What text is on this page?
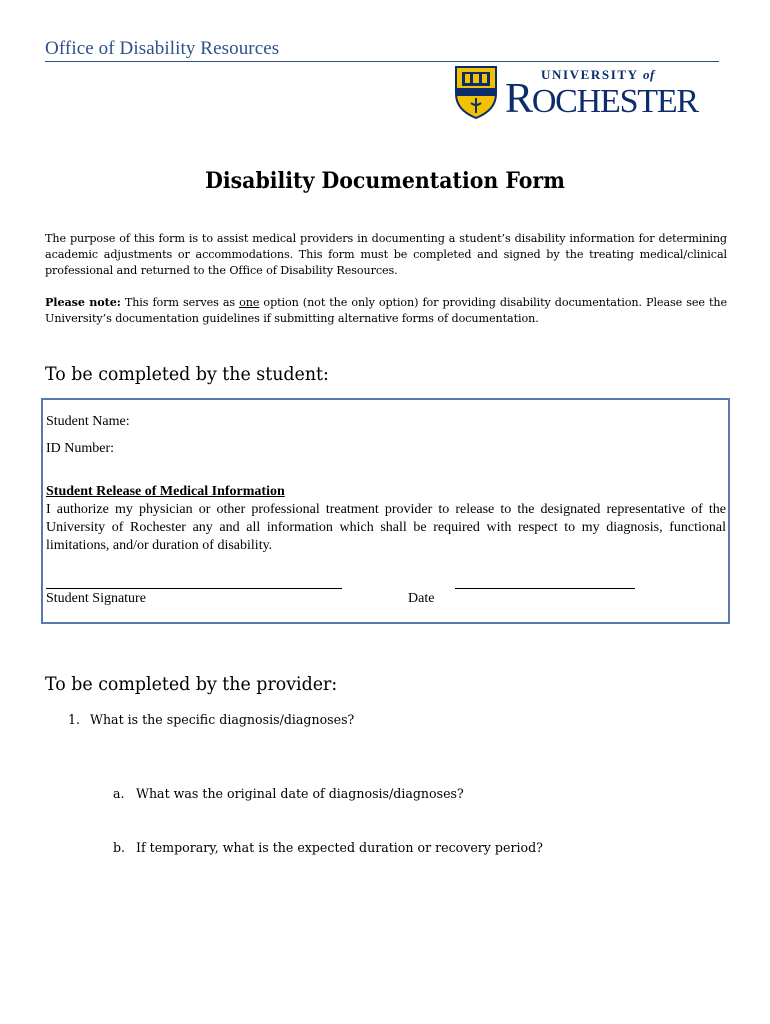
Office of Disability Resources
UNIVERSITY of
ROCHESTER
Disability Documentation Form

The purpose of this form is to assist medical providers in documenting a student’s disability information for determining academic adjustments or accommodations. This form must be completed and signed by the treating medical/clinical professional and returned to the Office of Disability Resources.

Please note: This form serves as one option (not the only option) for providing disability documentation. Please see the University’s documentation guidelines if submitting alternative forms of documentation.

To be completed by the student:
Student Name:
ID Number:
Student Release of Medical Information
I authorize my physician or other professional treatment provider to release to the designated representative of the University of Rochester any and all information which shall be required with respect to my diagnosis, functional limitations, and/or duration of disability.
Student Signature	Date
To be completed by the provider:
1. What is the specific diagnosis/diagnoses?
a. What was the original date of diagnosis/diagnoses?
b. If temporary, what is the expected duration or recovery period?
